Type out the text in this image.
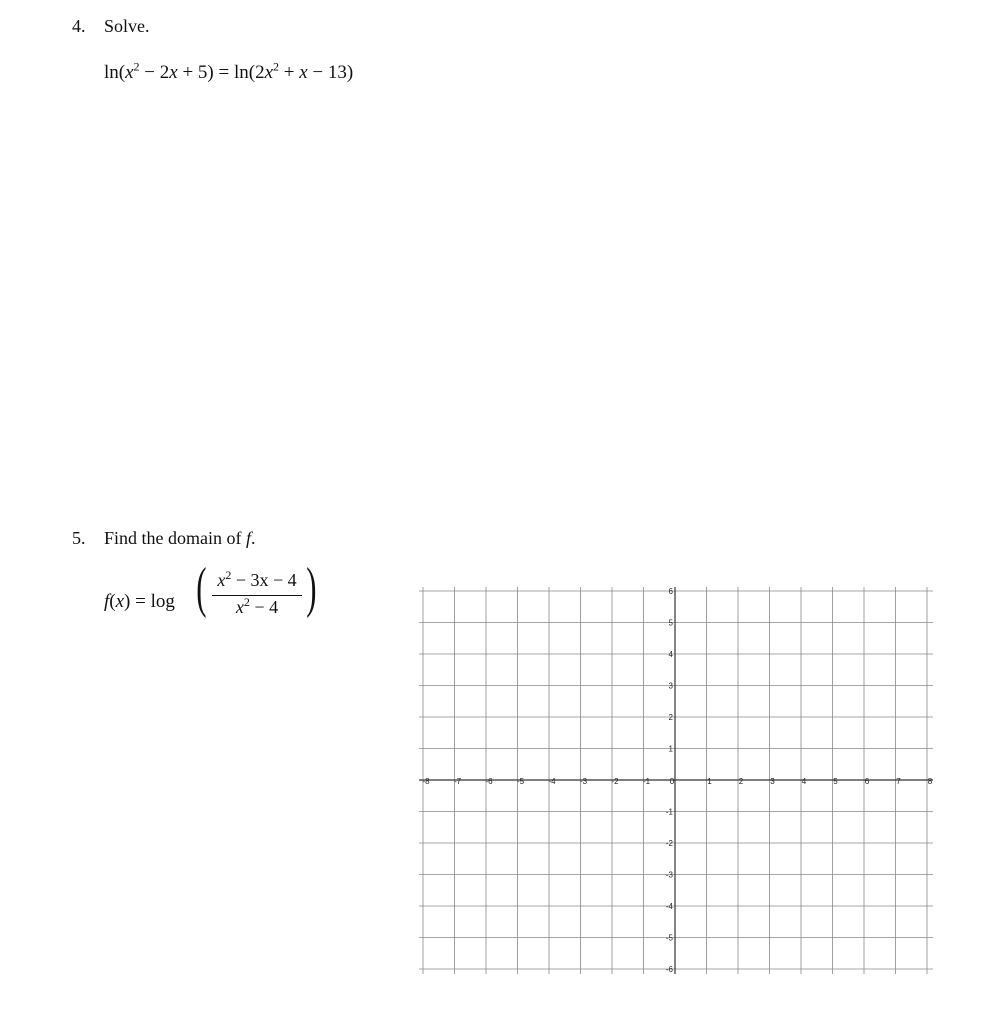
4. Solve.
$\ln(x^2 - 2x + 5) = \ln(2x^2 + x - 13)$
5. Find the domain of f.
f(x) = log ( $x^2 - 3x - 4$
$x^2 - 4$ )
-8	-7	-6	-5	-4	-3	-2	-1 0	1	2	3	4	5	6	7	8
6
5
4
3
2
1
-1
-2
-3
-4
-5
-6
